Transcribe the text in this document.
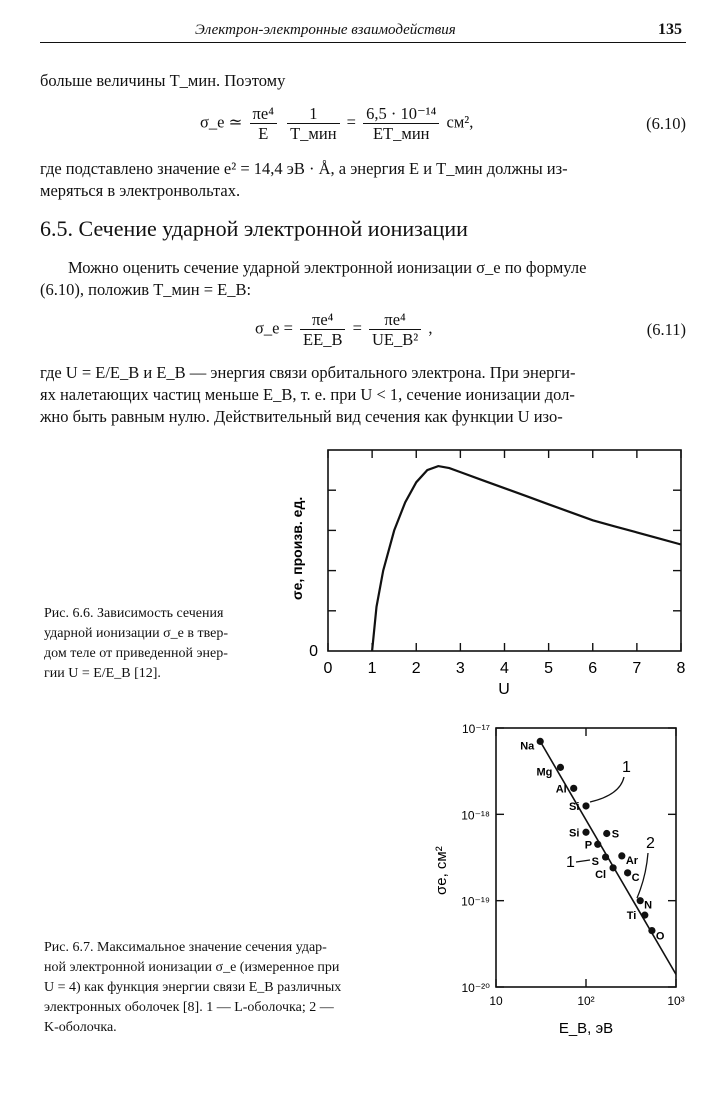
Электрон-электронные взаимодействия	135
больше величины T_мин. Поэтому
σ_e ≃ $\frac{\text{πe⁴}}{E}$
$\frac{1}{\text{T\_мин}} = \frac{\text{6,5 · 10⁻¹⁴}}{\text{ET\_мин}} см^2$,	(6.10)
где подставлено значение e² = 14,4 эВ · Å, а энергия E и T_мин должны из-
меряться в электронвольтах.
6.5. Сечение ударной электронной ионизации
Можно оценить сечение ударной электронной ионизации σ_e по формуле
(6.10), положив T_мин = E_B:
σ_e = $\frac{\text{πe⁴}}{EE\_B} = \frac{\text{πe⁴}}{\text{UE\_B²}}$ ,	(6.11)
где U = E/E_B и E_B — энергия связи орбитального электрона. При энерги-
ях налетающих частиц меньше E_B, т. е. при U < 1, сечение ионизации дол-
жно быть равным нулю. Действительный вид сечения как функции U изо-
0 1 2 3 4 5 6 7 8
0
σe, произв. ед.
U
Рис. 6.6. Зависимость сечения
ударной ионизации σ_e в твер-
дом теле от приведенной энер-
гии U = E/E_B [12].
10⁻¹⁷
10⁻¹⁸
10⁻¹⁹
10⁻²⁰
10	10²	10³
Na
Mg
Al
Si
P
S
Cl
Si	S
Ar
C
N
Ti
O
1
2
1
σe, см²
E_B, эВ
Рис. 6.7. Максимальное значение сечения удар-
ной электронной ионизации σ_e (измеренное при
U = 4) как функция энергии связи E_B различных
электронных оболочек [8]. 1 — L-оболочка; 2 —
K-оболочка.
